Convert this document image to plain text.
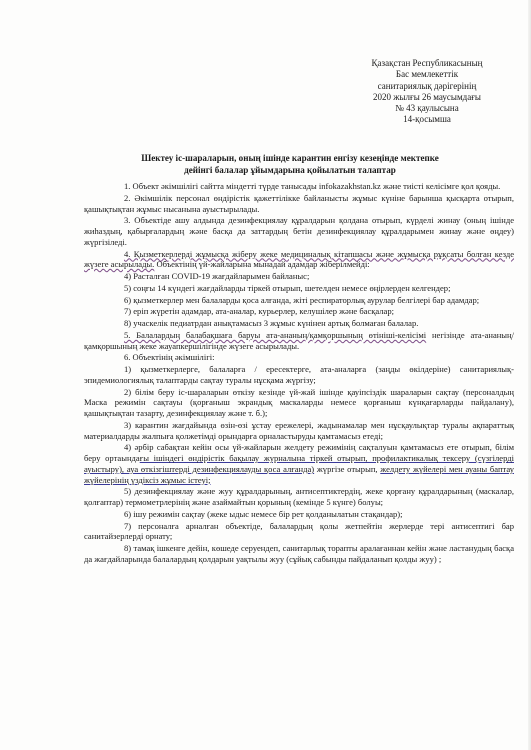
Қазақстан Республикасының
Бас мемлекеттік
санитариялық дәрігерінің
2020 жылғы 26 маусымдағы
№ 43 қаулысына
14-қосымша
Шектеу іс-шараларын, оның ішінде карантин енгізу кезеңінде мектепке
дейінгі балалар ұйымдарына қойылатын талаптар

1. Объект әкімшілігі сайтта міндетті түрде танысады infokazakhstan.kz және тиісті келісімге қол қояды.

2. Әкімшілік персонал өндірістік қажеттілікке байланысты жұмыс күніне барынша қысқарта отырып, қашықтықтан жұмыс нысанына ауыстырылады.

3. Объектіде ашу алдында дезинфекциялау құралдарын қолдана отырып, күрделі жинау (оның ішінде жиһаздың, қабырғалардың және басқа да заттардың бетін дезинфекциялау құралдарымен жинау және өңдеу) жүргізіледі.

4. Қызметкерлерді жұмысқа жіберу жеке медициналық кітапшасы және жұмысқа рұқсаты болған кезде жүзеге асырылады. Объектінің үй-жайларына мынадай адамдар жіберілмейді:

4) Расталған COVID-19 жағдайларымен байланыс;

5) соңғы 14 күндегі жағдайларды тіркей отырып, шетелден немесе өңірлерден келгендер;

6) қызметкерлер мен балаларды қоса алғанда, жіті респираторлық аурулар белгілері бар адамдар;

7) еріп жүретін адамдар, ата-аналар, курьерлер, келушілер және басқалар;

8) учаскелік педиатрдан анықтамасыз 3 жұмыс күнінен артық болмаған балалар.

5. Балалардың балабақшаға баруы ата-ананың/қамқоршының өтініші-келісімі негізінде ата-ананың/қамқоршының жеке жауапкершілігінде жүзеге асырылады.

6. Объектінің әкімшілігі:

1) қызметкерлерге, балаларға / ересектерге, ата-аналарға (заңды өкілдеріне) санитариялық-эпидемиологиялық талаптарды сақтау туралы нұсқама жүргізу;

2) білім беру іс-шараларын өткізу кезінде үй-жай ішінде қауіпсіздік шараларын сақтау (персоналдың Маска режимін сақтауы (қорғаныш экрандық маскаларды немесе қорғаныш күнқағарларды пайдалану), қашықтықтан тазарту, дезинфекциялау және т. б.);

3) карантин жағдайында өзін-өзі ұстау ережелері, жадынамалар мен нұсқаулықтар туралы ақпараттық материалдарды жалпыға қолжетімді орындарға орналастыруды қамтамасыз етеді;

4) әрбір сабақтан кейін осы үй-жайларын желдету режимінің сақталуын қамтамасыз ете отырып, білім беру ортаындағы ішіндегі өндірістік бақылау журналына тіркей отырып, профилактикалық тексеру (сүзгілерді ауыстыру), ауа өткізгіштерді дезинфекциялауды қоса алғанда) жүргізе отырып, желдету жүйелері мен ауаны баптау жүйелерінің үздіксіз жұмыс істеуі;

5) дезинфекциялау және жуу құралдарының, антисептиктердің, жеке қорғану құралдарының (маскалар, қолғаптар) термометрлерінің және азаймайтын қорының (кемінде 5 күнге) болуы;

6) ішу режимін сақтау (жеке ыдыс немесе бір рет қолданылатын стақандар);

7) персоналға арналған объектіде, балалардың қолы жетпейтін жерлерде тері антисептигі бар санитайзерлерді орнату;

8) тамақ ішкенге дейін, көшеде серуендеп, санитарлық торапты аралағаннан кейін және ластанудың басқа да жағдайларында балалардың қолдарын уақтылы жуу (сұйық сабынды пайдаланып қолды жуу) ;
